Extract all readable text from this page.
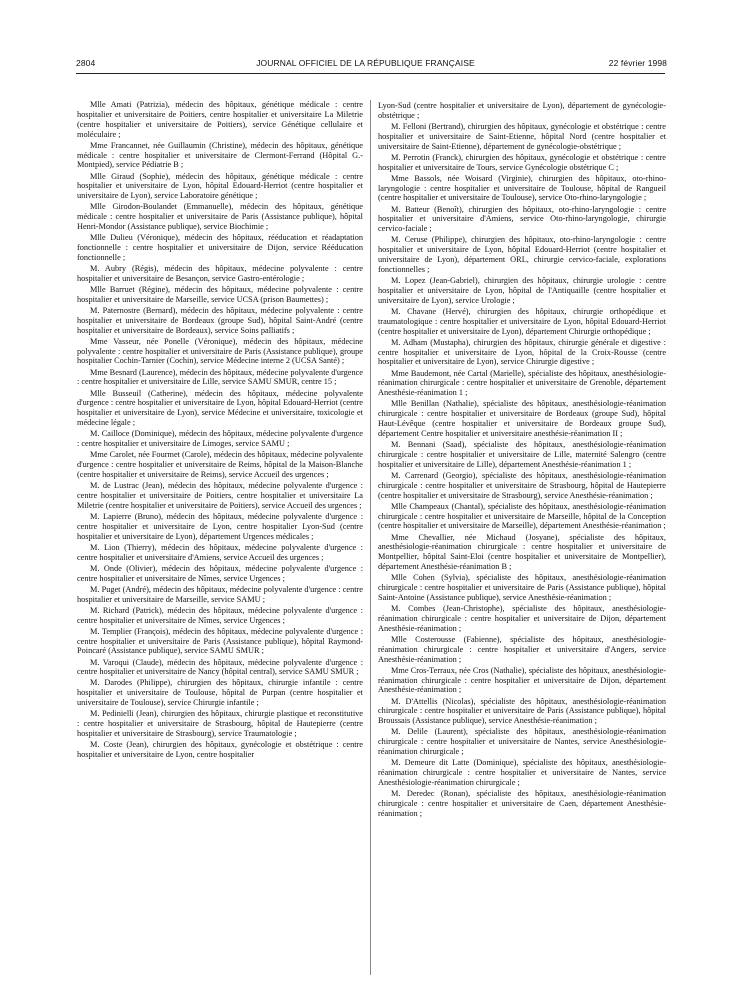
2804	JOURNAL OFFICIEL DE LA RÉPUBLIQUE FRANÇAISE	22 février 1998

Mlle Amati (Patrizia), médecin des hôpitaux, génétique médicale : centre hospitalier et universitaire de Poitiers, centre hospitalier et universitaire La Miletrie (centre hospitalier et universitaire de Poitiers), service Génétique cellulaire et moléculaire ;

Mme Francannet, née Guillaumin (Christine), médecin des hôpitaux, génétique médicale : centre hospitalier et universitaire de Clermont-Ferrand (Hôpital G.-Montpied), service Pédiatrie B ;

Mlle Giraud (Sophie), médecin des hôpitaux, génétique médicale : centre hospitalier et universitaire de Lyon, hôpital Edouard-Herriot (centre hospitalier et universitaire de Lyon), service Laboratoire génétique ;

Mlle Girodon-Boulandet (Emmanuelle), médecin des hôpitaux, génétique médicale : centre hospitalier et universitaire de Paris (Assistance publique), hôpital Henri-Mondor (Assistance publique), service Biochimie ;

Mlle Dulieu (Véronique), médecin des hôpitaux, rééducation et réadaptation fonctionnelle : centre hospitalier et universitaire de Dijon, service Rééducation fonctionnelle ;

M. Aubry (Régis), médecin des hôpitaux, médecine polyvalente : centre hospitalier et universitaire de Besançon, service Gastro-entérologie ;

Mlle Barruet (Régine), médecin des hôpitaux, médecine polyvalente : centre hospitalier et universitaire de Marseille, service UCSA (prison Baumettes) ;

M. Paternostre (Bernard), médecin des hôpitaux, médecine polyvalente : centre hospitalier et universitaire de Bordeaux (groupe Sud), hôpital Saint-André (centre hospitalier et universitaire de Bordeaux), service Soins palliatifs ;

Mme Vasseur, née Ponelle (Véronique), médecin des hôpitaux, médecine polyvalente : centre hospitalier et universitaire de Paris (Assistance publique), groupe hospitalier Cochin-Tarnier (Cochin), service Médecine interne 2 (UCSA Santé) ;

Mme Besnard (Laurence), médecin des hôpitaux, médecine polyvalente d'urgence : centre hospitalier et universitaire de Lille, service SAMU SMUR, centre 15 ;

Mlle Busseuil (Catherine), médecin des hôpitaux, médecine polyvalente d'urgence : centre hospitalier et universitaire de Lyon, hôpital Edouard-Herriot (centre hospitalier et universitaire de Lyon), service Médecine et universitaire, toxicologie et médecine légale ;

M. Cailloce (Dominique), médecin des hôpitaux, médecine polyvalente d'urgence : centre hospitalier et universitaire de Limoges, service SAMU ;

Mme Carolet, née Fourmet (Carole), médecin des hôpitaux, médecine polyvalente d'urgence : centre hospitalier et universitaire de Reims, hôpital de la Maison-Blanche (centre hospitalier et universitaire de Reims), service Accueil des urgences ;

M. de Lustrac (Jean), médecin des hôpitaux, médecine polyvalente d'urgence : centre hospitalier et universitaire de Poitiers, centre hospitalier et universitaire La Miletrie (centre hospitalier et universitaire de Poitiers), service Accueil des urgences ;

M. Lapierre (Bruno), médecin des hôpitaux, médecine polyvalente d'urgence : centre hospitalier et universitaire de Lyon, centre hospitalier Lyon-Sud (centre hospitalier et universitaire de Lyon), département Urgences médicales ;

M. Lion (Thierry), médecin des hôpitaux, médecine polyvalente d'urgence : centre hospitalier et universitaire d'Amiens, service Accueil des urgences ;

M. Onde (Olivier), médecin des hôpitaux, médecine polyvalente d'urgence : centre hospitalier et universitaire de Nîmes, service Urgences ;

M. Puget (André), médecin des hôpitaux, médecine polyvalente d'urgence : centre hospitalier et universitaire de Marseille, service SAMU ;

M. Richard (Patrick), médecin des hôpitaux, médecine polyvalente d'urgence : centre hospitalier et universitaire de Nîmes, service Urgences ;

M. Templier (François), médecin des hôpitaux, médecine polyvalente d'urgence : centre hospitalier et universitaire de Paris (Assistance publique), hôpital Raymond-Poincaré (Assistance publique), service SAMU SMUR ;

M. Varoqui (Claude), médecin des hôpitaux, médecine polyvalente d'urgence : centre hospitalier et universitaire de Nancy (hôpital central), service SAMU SMUR ;

M. Darodes (Philippe), chirurgien des hôpitaux, chirurgie infantile : centre hospitalier et universitaire de Toulouse, hôpital de Purpan (centre hospitalier et universitaire de Toulouse), service Chirurgie infantile ;

M. Pedinielli (Jean), chirurgien des hôpitaux, chirurgie plastique et reconstitutive : centre hospitalier et universitaire de Strasbourg, hôpital de Hautepierre (centre hospitalier et universitaire de Strasbourg), service Traumatologie ;

M. Coste (Jean), chirurgien des hôpitaux, gynécologie et obstétrique : centre hospitalier et universitaire de Lyon, centre hospitalier

Lyon-Sud (centre hospitalier et universitaire de Lyon), département de gynécologie-obstétrique ;

M. Felloni (Bertrand), chirurgien des hôpitaux, gynécologie et obstétrique : centre hospitalier et universitaire de Saint-Etienne, hôpital Nord (centre hospitalier et universitaire de Saint-Etienne), département de gynécologie-obstétrique ;

M. Perrotin (Franck), chirurgien des hôpitaux, gynécologie et obstétrique : centre hospitalier et universitaire de Tours, service Gynécologie obstétrique C ;

Mme Bassols, née Woisard (Virginie), chirurgien des hôpitaux, oto-rhino-laryngologie : centre hospitalier et universitaire de Toulouse, hôpital de Rangueil (centre hospitalier et universitaire de Toulouse), service Oto-rhino-laryngologie ;

M. Batteur (Benoît), chirurgien des hôpitaux, oto-rhino-laryngologie : centre hospitalier et universitaire d'Amiens, service Oto-rhino-laryngologie, chirurgie cervico-faciale ;

M. Ceruse (Philippe), chirurgien des hôpitaux, oto-rhino-laryngologie : centre hospitalier et universitaire de Lyon, hôpital Edouard-Herriot (centre hospitalier et universitaire de Lyon), département ORL, chirurgie cervico-faciale, explorations fonctionnelles ;

M. Lopez (Jean-Gabriel), chirurgien des hôpitaux, chirurgie urologie : centre hospitalier et universitaire de Lyon, hôpital de l'Antiquaille (centre hospitalier et universitaire de Lyon), service Urologie ;

M. Chavane (Hervé), chirurgien des hôpitaux, chirurgie orthopédique et traumatologique : centre hospitalier et universitaire de Lyon, hôpital Edouard-Herriot (centre hospitalier et universitaire de Lyon), département Chirurgie orthopédique ;

M. Adham (Mustapha), chirurgien des hôpitaux, chirurgie générale et digestive : centre hospitalier et universitaire de Lyon, hôpital de la Croix-Rousse (centre hospitalier et universitaire de Lyon), service Chirurgie digestive ;

Mme Baudemont, née Cartal (Marielle), spécialiste des hôpitaux, anesthésiologie-réanimation chirurgicale : centre hospitalier et universitaire de Grenoble, département Anesthésie-réanimation 1 ;

Mlle Benillan (Nathalie), spécialiste des hôpitaux, anesthésiologie-réanimation chirurgicale : centre hospitalier et universitaire de Bordeaux (groupe Sud), hôpital Haut-Lévêque (centre hospitalier et universitaire de Bordeaux groupe Sud), département Centre hospitalier et universitaire anesthésie-réanimation II ;

M. Bennani (Saad), spécialiste des hôpitaux, anesthésiologie-réanimation chirurgicale : centre hospitalier et universitaire de Lille, maternité Salengro (centre hospitalier et universitaire de Lille), département Anesthésie-réanimation 1 ;

M. Carrenard (Georgio), spécialiste des hôpitaux, anesthésiologie-réanimation chirurgicale : centre hospitalier et universitaire de Strasbourg, hôpital de Hautepierre (centre hospitalier et universitaire de Strasbourg), service Anesthésie-réanimation ;

Mlle Champeaux (Chantal), spécialiste des hôpitaux, anesthésiologie-réanimation chirurgicale : centre hospitalier et universitaire de Marseille, hôpital de la Conception (centre hospitalier et universitaire de Marseille), département Anesthésie-réanimation ;

Mme Chevallier, née Michaud (Josyane), spécialiste des hôpitaux, anesthésiologie-réanimation chirurgicale : centre hospitalier et universitaire de Montpellier, hôpital Saint-Eloi (centre hospitalier et universitaire de Montpellier), département Anesthésie-réanimation B ;

Mlle Cohen (Sylvia), spécialiste des hôpitaux, anesthésiologie-réanimation chirurgicale : centre hospitalier et universitaire de Paris (Assistance publique), hôpital Saint-Antoine (Assistance publique), service Anesthésie-réanimation ;

M. Combes (Jean-Christophe), spécialiste des hôpitaux, anesthésiologie-réanimation chirurgicale : centre hospitalier et universitaire de Dijon, département Anesthésie-réanimation ;

Mlle Costerousse (Fabienne), spécialiste des hôpitaux, anesthésiologie-réanimation chirurgicale : centre hospitalier et universitaire d'Angers, service Anesthésie-réanimation ;

Mme Cros-Terraux, née Cros (Nathalie), spécialiste des hôpitaux, anesthésiologie-réanimation chirurgicale : centre hospitalier et universitaire de Dijon, département Anesthésie-réanimation ;

M. D'Attellis (Nicolas), spécialiste des hôpitaux, anesthésiologie-réanimation chirurgicale : centre hospitalier et universitaire de Paris (Assistance publique), hôpital Broussais (Assistance publique), service Anesthésie-réanimation ;

M. Delile (Laurent), spécialiste des hôpitaux, anesthésiologie-réanimation chirurgicale : centre hospitalier et universitaire de Nantes, service Anesthésiologie-réanimation chirurgicale ;

M. Demeure dit Latte (Dominique), spécialiste des hôpitaux, anesthésiologie-réanimation chirurgicale : centre hospitalier et universitaire de Nantes, service Anesthésiologie-réanimation chirurgicale ;

M. Deredec (Ronan), spécialiste des hôpitaux, anesthésiologie-réanimation chirurgicale : centre hospitalier et universitaire de Caen, département Anesthésie-réanimation ;
